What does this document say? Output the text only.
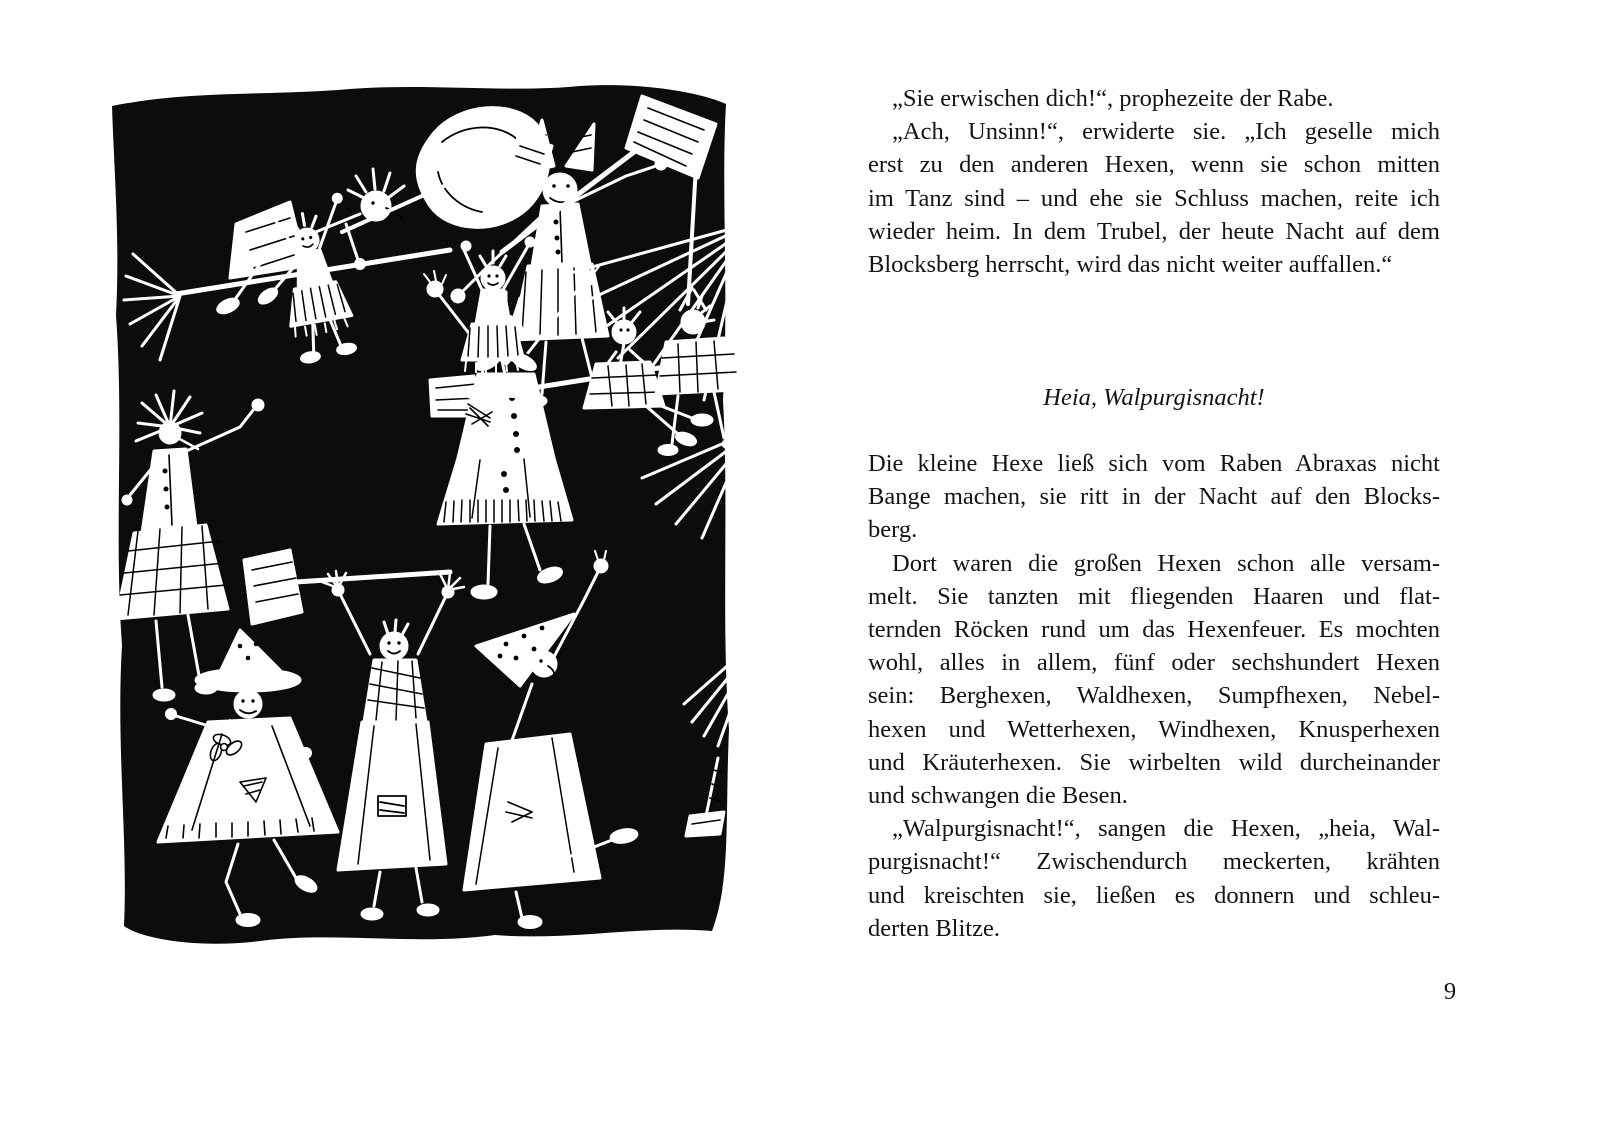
„Sie erwischen dich!“, prophezeite der Rabe.
„Ach, Unsinn!“, erwiderte sie. „Ich geselle mich
erst zu den anderen Hexen, wenn sie schon mitten
im Tanz sind – und ehe sie Schluss machen, reite ich
wieder heim. In dem Trubel, der heute Nacht auf dem
Blocksberg herrscht, wird das nicht weiter auffallen.“
Heia, Walpurgisnacht!
Die kleine Hexe ließ sich vom Raben Abraxas nicht
Bange machen, sie ritt in der Nacht auf den Blocks-
berg.
Dort waren die großen Hexen schon alle versam-
melt. Sie tanzten mit fliegenden Haaren und flat-
ternden Röcken rund um das Hexenfeuer. Es mochten
wohl, alles in allem, fünf oder sechshundert Hexen
sein: Berghexen, Waldhexen, Sumpfhexen, Nebel-
hexen und Wetterhexen, Windhexen, Knusperhexen
und Kräuterhexen. Sie wirbelten wild durcheinander
und schwangen die Besen.
„Walpurgisnacht!“, sangen die Hexen, „heia, Wal-
purgisnacht!“ Zwischendurch meckerten, krähten
und kreischten sie, ließen es donnern und schleu-
derten Blitze.
9
